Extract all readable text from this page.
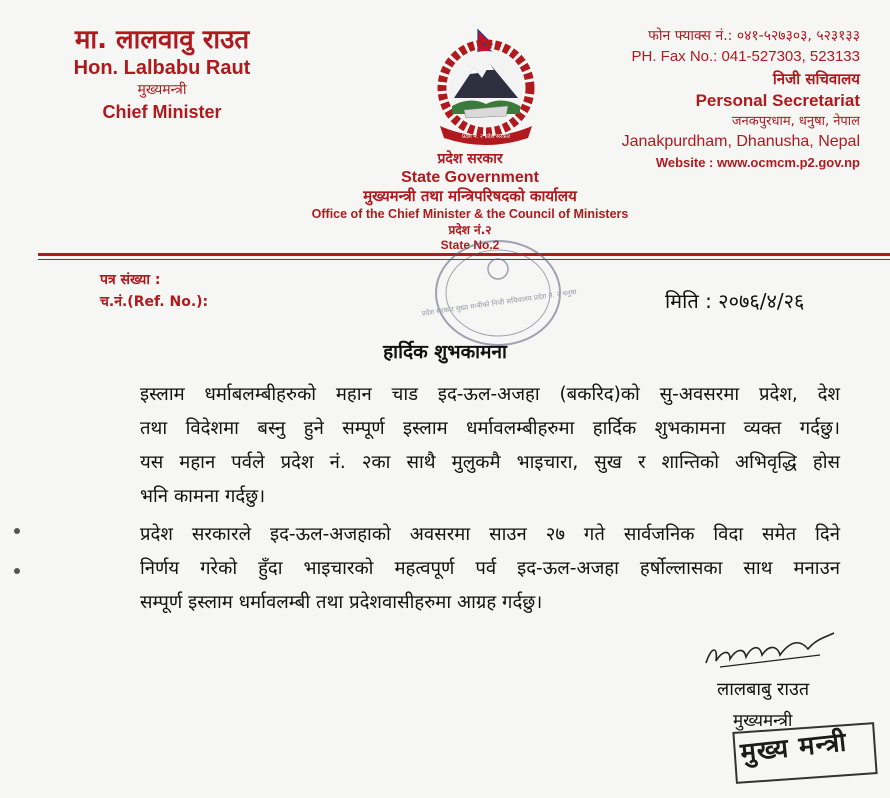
मा. लालवावु राउत
Hon. Lalbabu Raut
मुख्यमन्त्री
Chief Minister
प्रदेश नं. २ प्रदेश सरकार
फोन फ्याक्स नं.: ०४१-५२७३०३, ५२३१३३
PH. Fax No.: 041-527303, 523133
निजी सचिवालय
Personal Secretariat
जनकपुरधाम, धनुषा, नेपाल
Janakpurdham, Dhanusha, Nepal
Website : www.ocmcm.p2.gov.np
प्रदेश सरकार
State Government
मुख्यमन्त्री तथा मन्त्रिपरिषदको कार्यालय
Office of the Chief Minister & the Council of Ministers
प्रदेश नं.२
State No.2
प्रदेश सरकार मुख्य मन्त्रीको निजी सचिवालय प्रदेश नं. २ धनुषा
पत्र संख्या :
च.नं.(Ref. No.):	मिति : २०७६/४/२६
हार्दिक शुभकामना

इस्लाम धर्माबलम्बीहरुको महान चाड इद-ऊल-अजहा (बकरिद)को सु-अवसरमा प्रदेश, देश

तथा विदेशमा बस्नु हुने सम्पूर्ण इस्लाम धर्मावलम्बीहरुमा हार्दिक शुभकामना व्यक्त गर्दछु।

यस महान पर्वले प्रदेश नं. २का साथै मुलुकमै भाइचारा, सुख र शान्तिको अभिवृद्धि होस

भनि कामना गर्दछु।

प्रदेश सरकारले इद-ऊल-अजहाको अवसरमा साउन २७ गते सार्वजनिक विदा समेत दिने

निर्णय गरेको हुँदा भाइचारको महत्वपूर्ण पर्व इद-ऊल-अजहा हर्षोल्लासका साथ मनाउन

सम्पूर्ण इस्लाम धर्मावलम्बी तथा प्रदेशवासीहरुमा आग्रह गर्दछु।

लालबाबु राउत
मुख्यमन्त्री
मुख्य मन्त्री
